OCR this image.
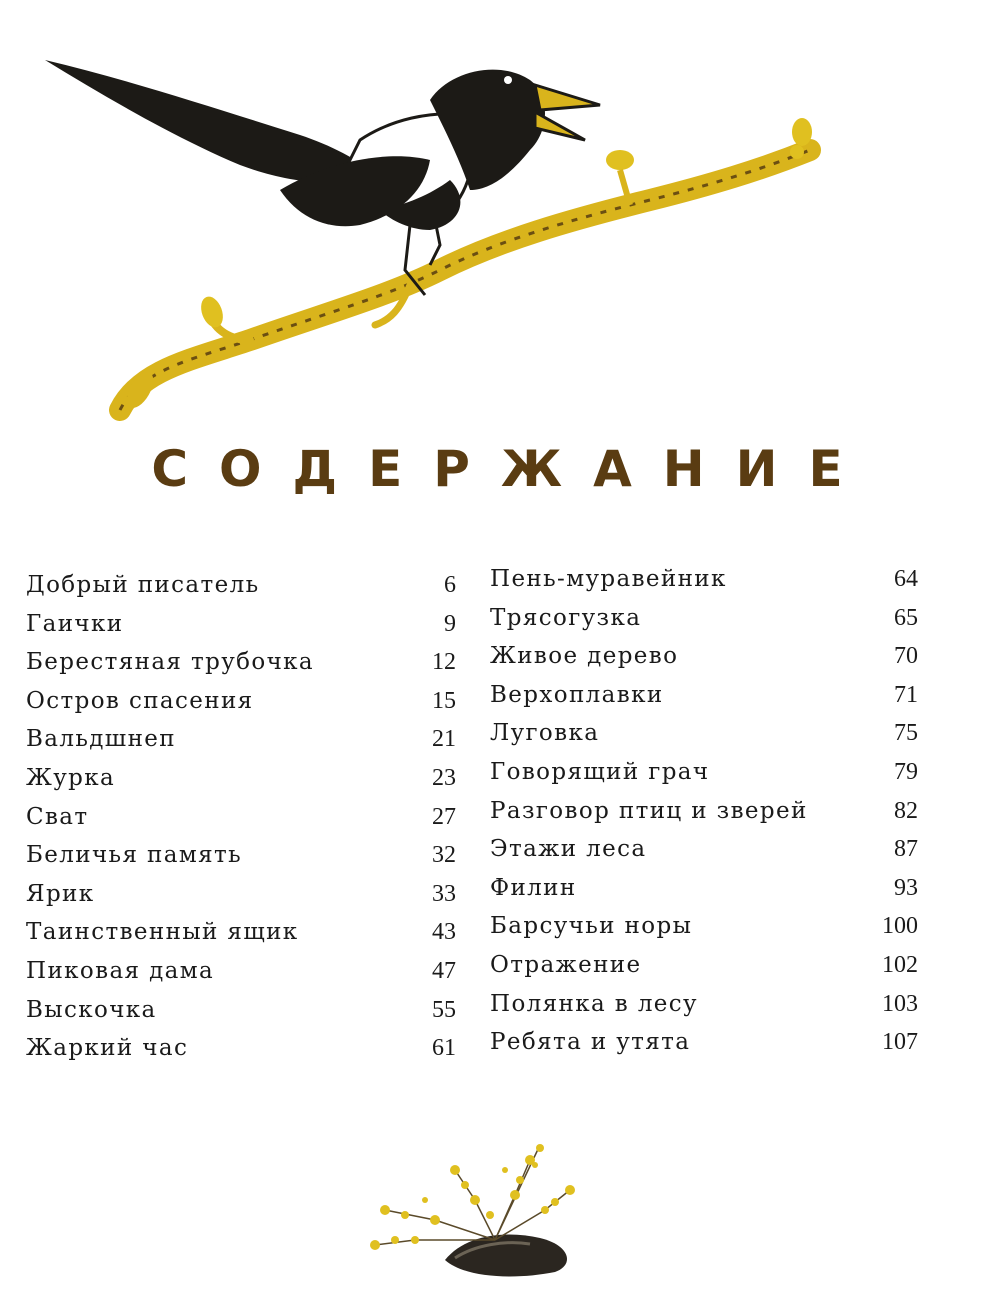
СОДЕРЖАНИЕ
Добрый писатель	6
Гаички	9
Берестяная трубочка	12
Остров спасения	15
Вальдшнеп	21
Журка	23
Сват	27
Беличья память	32
Ярик	33
Таинственный ящик	43
Пиковая дама	47
Выскочка	55
Жаркий час	61
Пень-муравейник	64
Трясогузка	65
Живое дерево	70
Верхоплавки	71
Луговка	75
Говорящий грач	79
Разговор птиц и зверей	82
Этажи леса	87
Филин	93
Барсучьи норы	100
Отражение	102
Полянка в лесу	103
Ребята и утята	107
